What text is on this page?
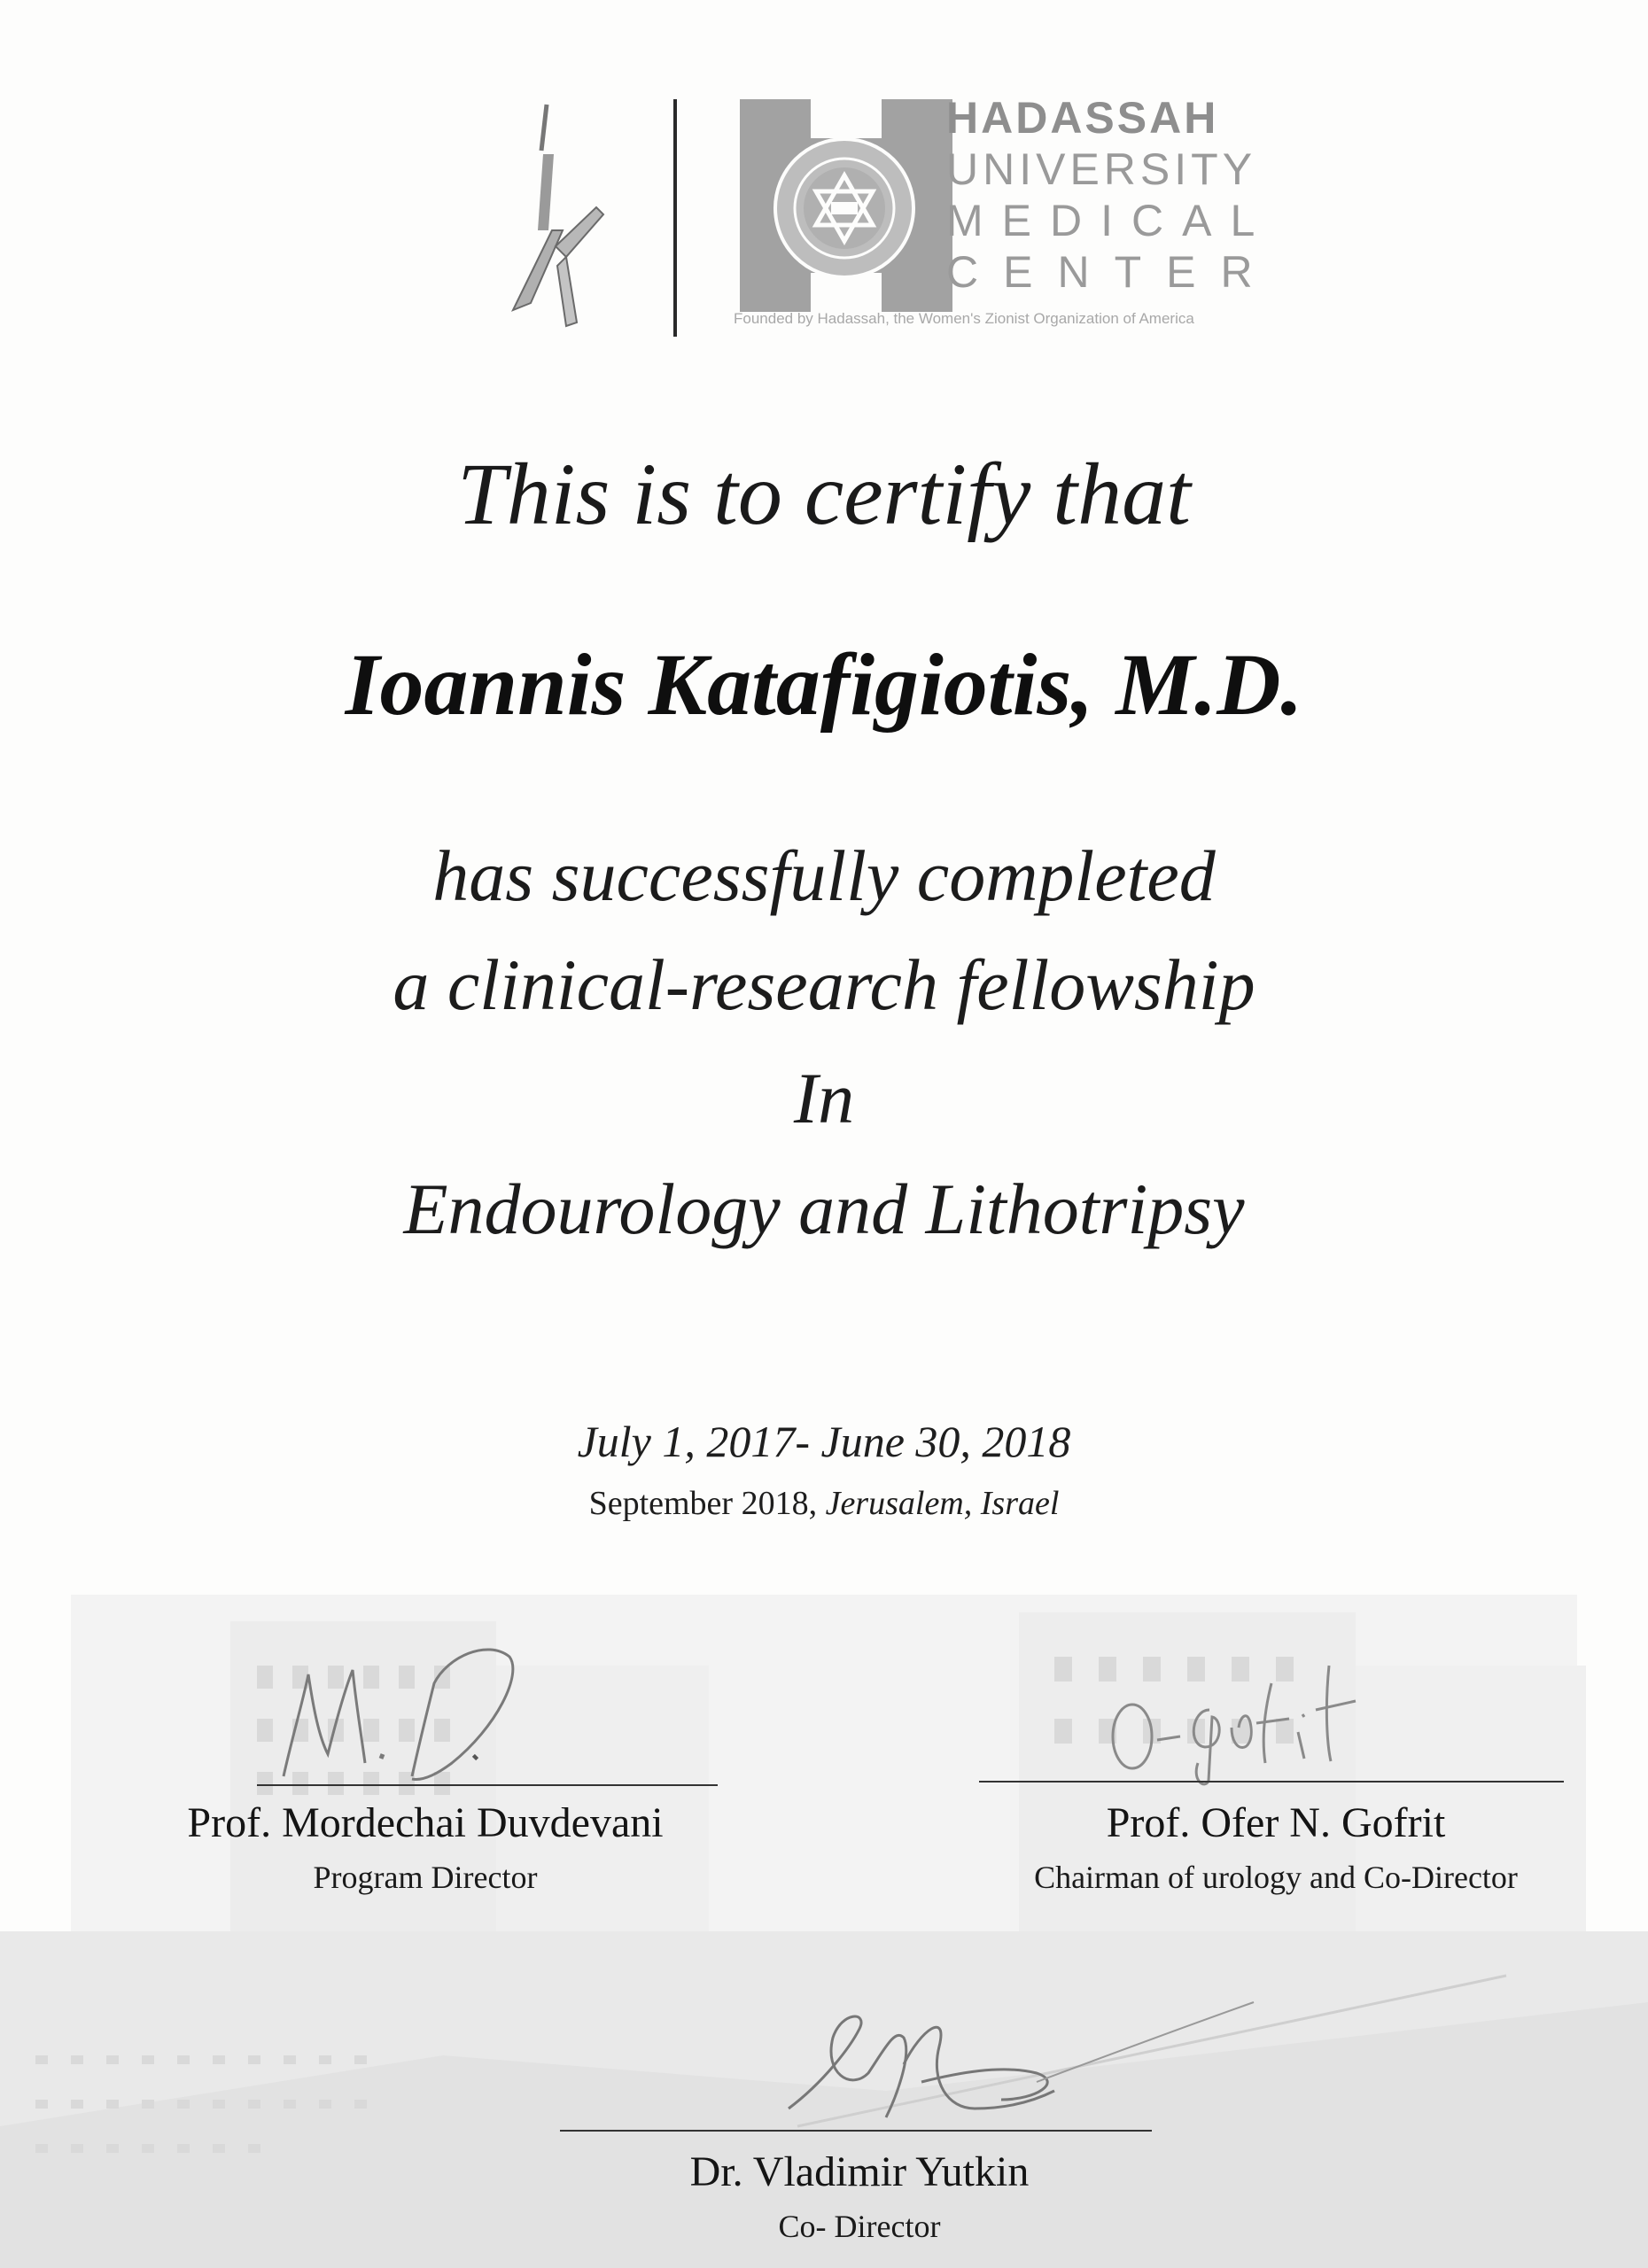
HADASSAH
UNIVERSITY
MEDICAL
CENTER
Founded by Hadassah, the Women's Zionist Organization of America
This is to certify that
Ioannis Katafigiotis, M.D.
has successfully completed
a clinical-research fellowship
In
Endourology and Lithotripsy
July 1, 2017- June 30, 2018
September 2018, Jerusalem, Israel
Prof. Mordechai Duvdevani
Program Director
Prof. Ofer N. Gofrit
Chairman of urology and Co-Director
Dr. Vladimir Yutkin
Co- Director
